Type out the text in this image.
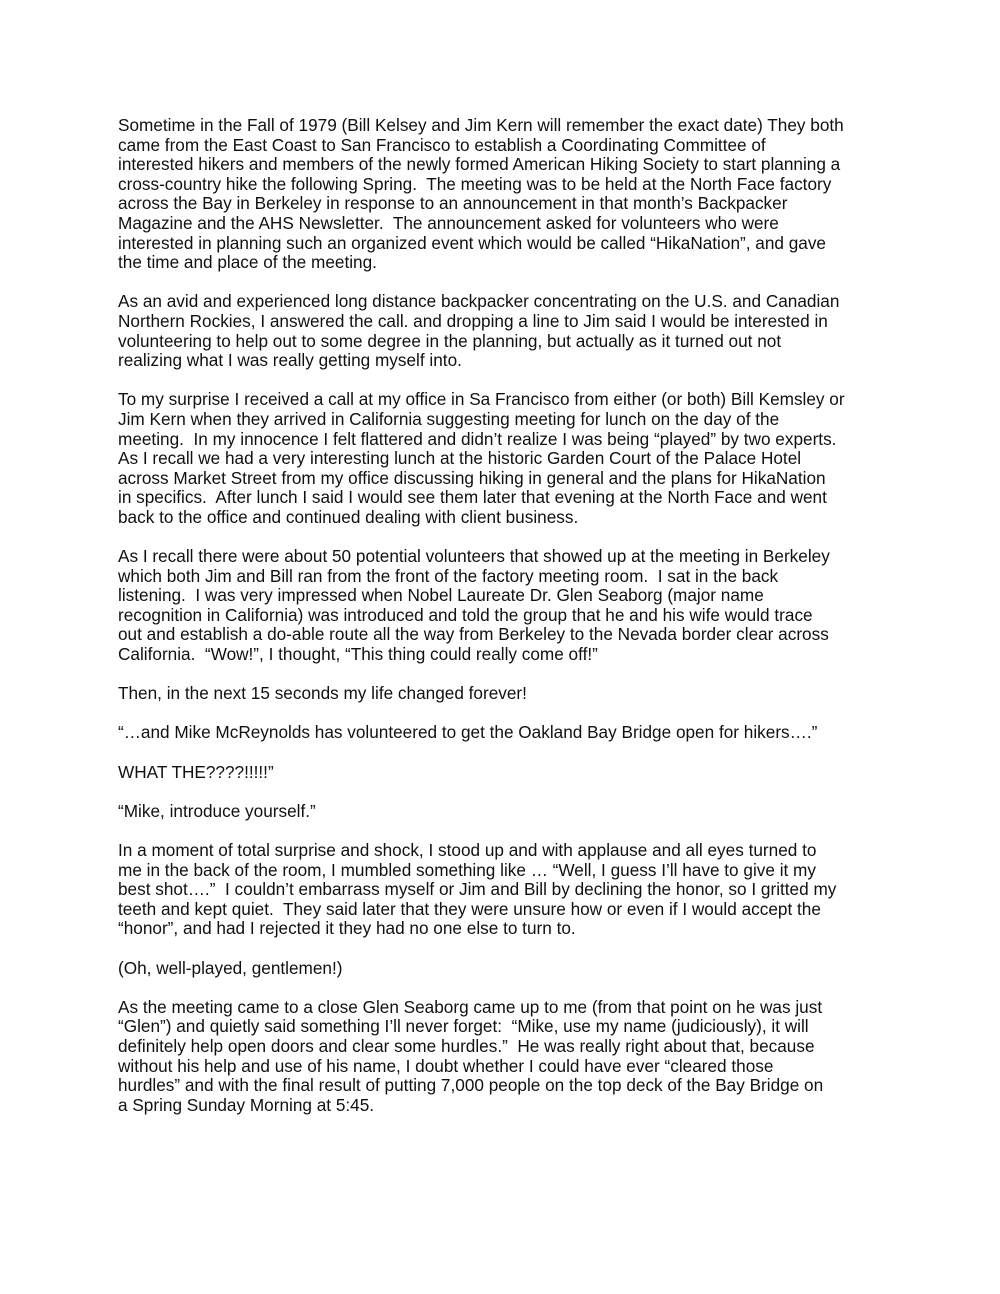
Sometime in the Fall of 1979 (Bill Kelsey and Jim Kern will remember the exact date) They both
came from the East Coast to San Francisco to establish a Coordinating Committee of
interested hikers and members of the newly formed American Hiking Society to start planning a
cross-country hike the following Spring.  The meeting was to be held at the North Face factory
across the Bay in Berkeley in response to an announcement in that month’s Backpacker
Magazine and the AHS Newsletter.  The announcement asked for volunteers who were
interested in planning such an organized event which would be called “HikaNation”, and gave
the time and place of the meeting.
As an avid and experienced long distance backpacker concentrating on the U.S. and Canadian
Northern Rockies, I answered the call. and dropping a line to Jim said I would be interested in
volunteering to help out to some degree in the planning, but actually as it turned out not
realizing what I was really getting myself into.
To my surprise I received a call at my office in Sa Francisco from either (or both) Bill Kemsley or
Jim Kern when they arrived in California suggesting meeting for lunch on the day of the
meeting.  In my innocence I felt flattered and didn’t realize I was being “played” by two experts.
As I recall we had a very interesting lunch at the historic Garden Court of the Palace Hotel
across Market Street from my office discussing hiking in general and the plans for HikaNation
in specifics.  After lunch I said I would see them later that evening at the North Face and went
back to the office and continued dealing with client business.
As I recall there were about 50 potential volunteers that showed up at the meeting in Berkeley
which both Jim and Bill ran from the front of the factory meeting room.  I sat in the back
listening.  I was very impressed when Nobel Laureate Dr. Glen Seaborg (major name
recognition in California) was introduced and told the group that he and his wife would trace
out and establish a do-able route all the way from Berkeley to the Nevada border clear across
California.  “Wow!”, I thought, “This thing could really come off!”
Then, in the next 15 seconds my life changed forever!
“…and Mike McReynolds has volunteered to get the Oakland Bay Bridge open for hikers….”
WHAT THE????!!!!!”
“Mike, introduce yourself.”
In a moment of total surprise and shock, I stood up and with applause and all eyes turned to
me in the back of the room, I mumbled something like … “Well, I guess I’ll have to give it my
best shot….”  I couldn’t embarrass myself or Jim and Bill by declining the honor, so I gritted my
teeth and kept quiet.  They said later that they were unsure how or even if I would accept the
“honor”, and had I rejected it they had no one else to turn to.
(Oh, well-played, gentlemen!)
As the meeting came to a close Glen Seaborg came up to me (from that point on he was just
“Glen”) and quietly said something I’ll never forget:  “Mike, use my name (judiciously), it will
definitely help open doors and clear some hurdles.”  He was really right about that, because
without his help and use of his name, I doubt whether I could have ever “cleared those
hurdles” and with the final result of putting 7,000 people on the top deck of the Bay Bridge on
a Spring Sunday Morning at 5:45.
